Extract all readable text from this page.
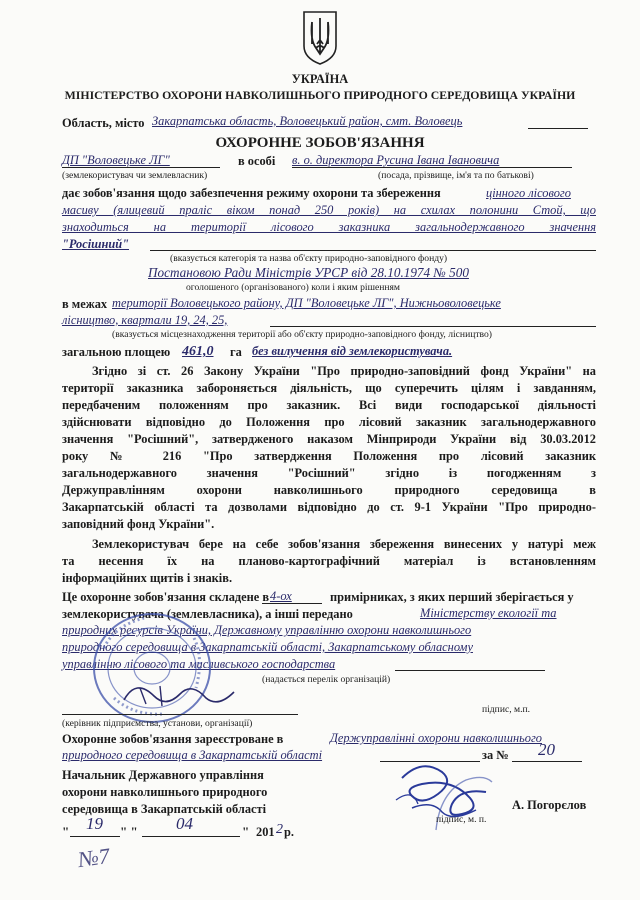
УКРАЇНА
МІНІСТЕРСТВО ОХОРОНИ НАВКОЛИШНЬОГО ПРИРОДНОГО СЕРЕДОВИЩА УКРАЇНИ
Область, місто Закарпатська область, Воловецький район, смт. Воловець
ОХОРОННЕ ЗОБОВ'ЯЗАННЯ
ДП "Воловецьке ЛГ"	в особі в. о. директора Русина Івана Івановича
(землекористувач чи землевласник)	(посада, прізвище, ім'я та по батькові)
дає зобов'язання щодо забезпечення режиму охорони та збереження	цінного лісового
масиву (ялицевий праліс віком понад 250 років) на схилах полонини Стой, що
знаходиться на території лісового заказника загальнодержавного значення
"Росішний"
(вказується категорія та назва об'єкту природно-заповідного фонду)
Постановою Ради Міністрів УРСР від 28.10.1974 № 500
оголошеного (організованого) коли і яким рішенням
в межах території Воловецького району, ДП "Воловецьке ЛГ", Нижньоволовецьке
лісництво, квартали 19, 24, 25,
(вказується місцезнаходження території або об'єкту природно-заповідного фонду, лісництво)
загальною площею 461,0 га без вилучення від землекористувача.
Згідно зі ст. 26 Закону України "Про природно-заповідний фонд України" на
території заказника забороняється діяльність, що суперечить цілям і завданням,
передбаченим положенням про заказник. Всі види господарської діяльності
здійснювати відповідно до Положення про лісовий заказник загальнодержавного
значення "Росішний", затвердженого наказом Мінприроди України від 30.03.2012
року № 216 "Про затвердження Положення про лісовий заказник
загальнодержавного значення "Росішний" згідно із погодженням з
Держуправлінням охорони навколишнього природного середовища в
Закарпатській області та дозволами відповідно до ст. 9-1 України "Про природно-
заповідний фонд України".
Землекористувач бере на себе зобов'язання збереження винесених у натурі меж
та несення їх на планово-картографічний матеріал із встановленням
інформаційних щитів і знаків.
Це охоронне зобов'язання складене в 4-ох	примірниках, з яких перший зберігається у
землекористувача (землевласника), а інші передано	Міністерству екології та
природних ресурсів України, Державному управлінню охорони навколишнього
природного середовища в Закарпатській області, Закарпатському обласному
управлінню лісового та мисливського господарства
(надається перелік організацій)
підпис, м.п.
(керівник підприємства, установи, організації)
Охоронне зобов'язання зареєстроване в	Держуправлінні охорони навколишнього
природного середовища в Закарпатській області	за № 20
Начальник Державного управління
охорони навколишнього природного
середовища в Закарпатській області	А. Погорєлов
підпис, м. п.
" 19 " " 04	" 201 2 р.
№7
